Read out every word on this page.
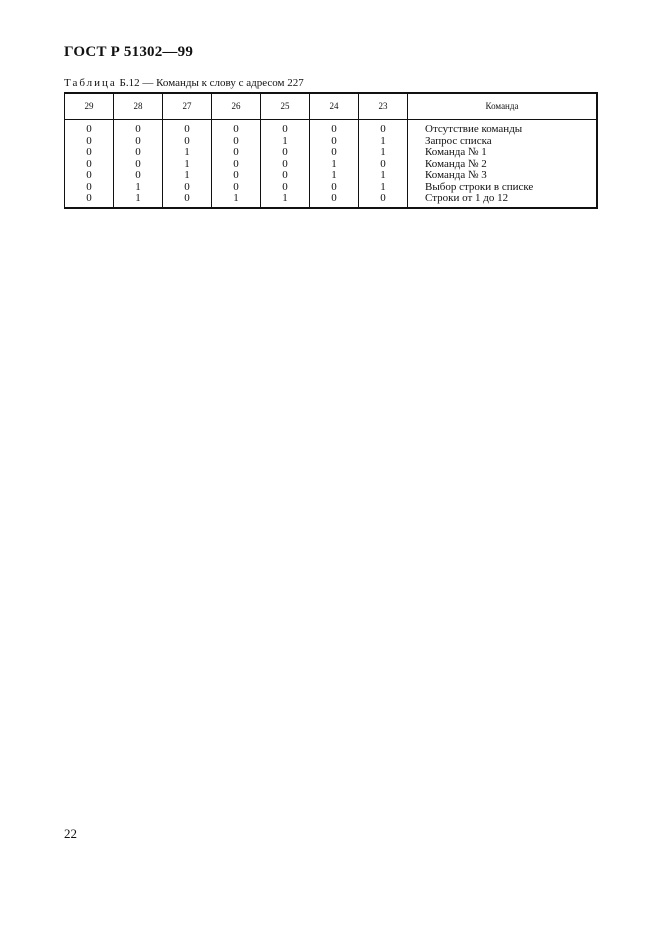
ГОСТ Р 51302—99
Таблица Б.12 — Команды к слову с адресом 227
29	28	27	26	25	24	23	Команда
0	0	0	0	0	0	0	Отсутствие команды
0	0	0	0	1	0	1	Запрос списка
0	0	1	0	0	0	1	Команда № 1
0	0	1	0	0	1	0	Команда № 2
0	0	1	0	0	1	1	Команда № 3
0	1	0	0	0	0	1	Выбор строки в списке
0	1	0	1	1	0	0	Строки от 1 до 12
22
